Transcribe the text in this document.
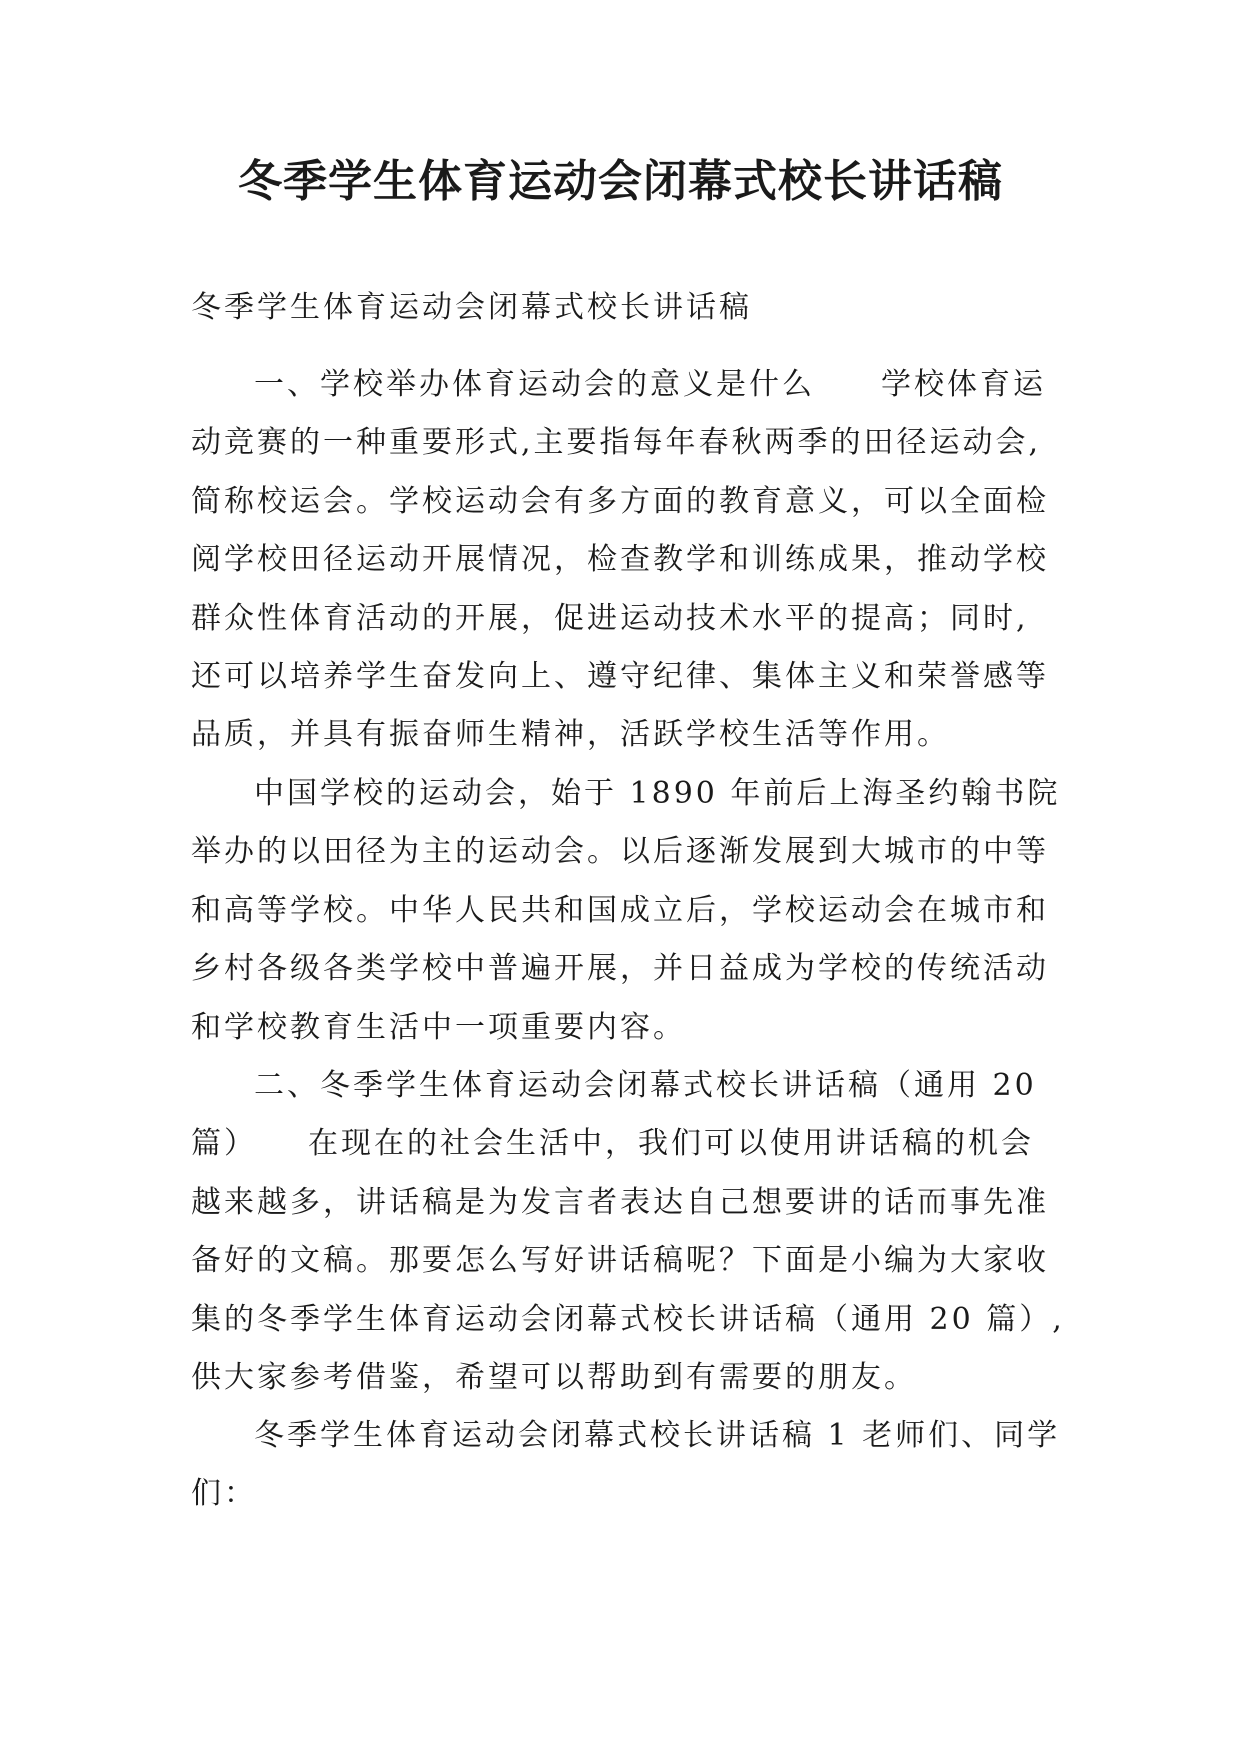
冬季学生体育运动会闭幕式校长讲话稿

冬季学生体育运动会闭幕式校长讲话稿

一、学校举办体育运动会的意义是什么　　学校体育运
动竞赛的一种重要形式,主要指每年春秋两季的田径运动会,
简称校运会。学校运动会有多方面的教育意义，可以全面检
阅学校田径运动开展情况，检查教学和训练成果，推动学校
群众性体育活动的开展，促进运动技术水平的提高；同时,
还可以培养学生奋发向上、遵守纪律、集体主义和荣誉感等
品质，并具有振奋师生精神，活跃学校生活等作用。
中国学校的运动会，始于 1890 年前后上海圣约翰书院
举办的以田径为主的运动会。以后逐渐发展到大城市的中等
和高等学校。中华人民共和国成立后，学校运动会在城市和
乡村各级各类学校中普遍开展，并日益成为学校的传统活动
和学校教育生活中一项重要内容。
二、冬季学生体育运动会闭幕式校长讲话稿（通用 20
篇）　　在现在的社会生活中，我们可以使用讲话稿的机会
越来越多，讲话稿是为发言者表达自己想要讲的话而事先准
备好的文稿。那要怎么写好讲话稿呢？下面是小编为大家收
集的冬季学生体育运动会闭幕式校长讲话稿（通用 20 篇）,
供大家参考借鉴，希望可以帮助到有需要的朋友。
冬季学生体育运动会闭幕式校长讲话稿 1 老师们、同学
们：
